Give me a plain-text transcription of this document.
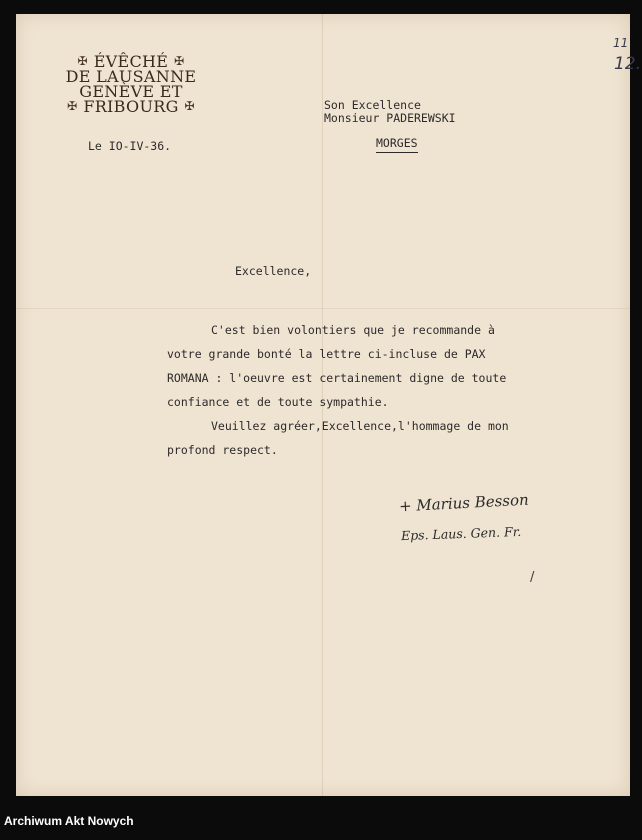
✠ ÉVÊCHÉ ✠
DE LAUSANNE
GENÈVE ET
✠ FRIBOURG ✠
Le IO-IV-36.
Son Excellence
Monsieur PADEREWSKI
MORGES
Excellence,
C'est bien volontiers que je recommande à
votre grande bonté la lettre ci-incluse de PAX
ROMANA : l'oeuvre est certainement digne de toute
confiance et de toute sympathie.
Veuillez agréer,Excellence,l'hommage de mon
profond respect.
+ Marius Besson
Eps. Laus. Gen. Fr.
/
11
12.
Archiwum Akt Nowych
